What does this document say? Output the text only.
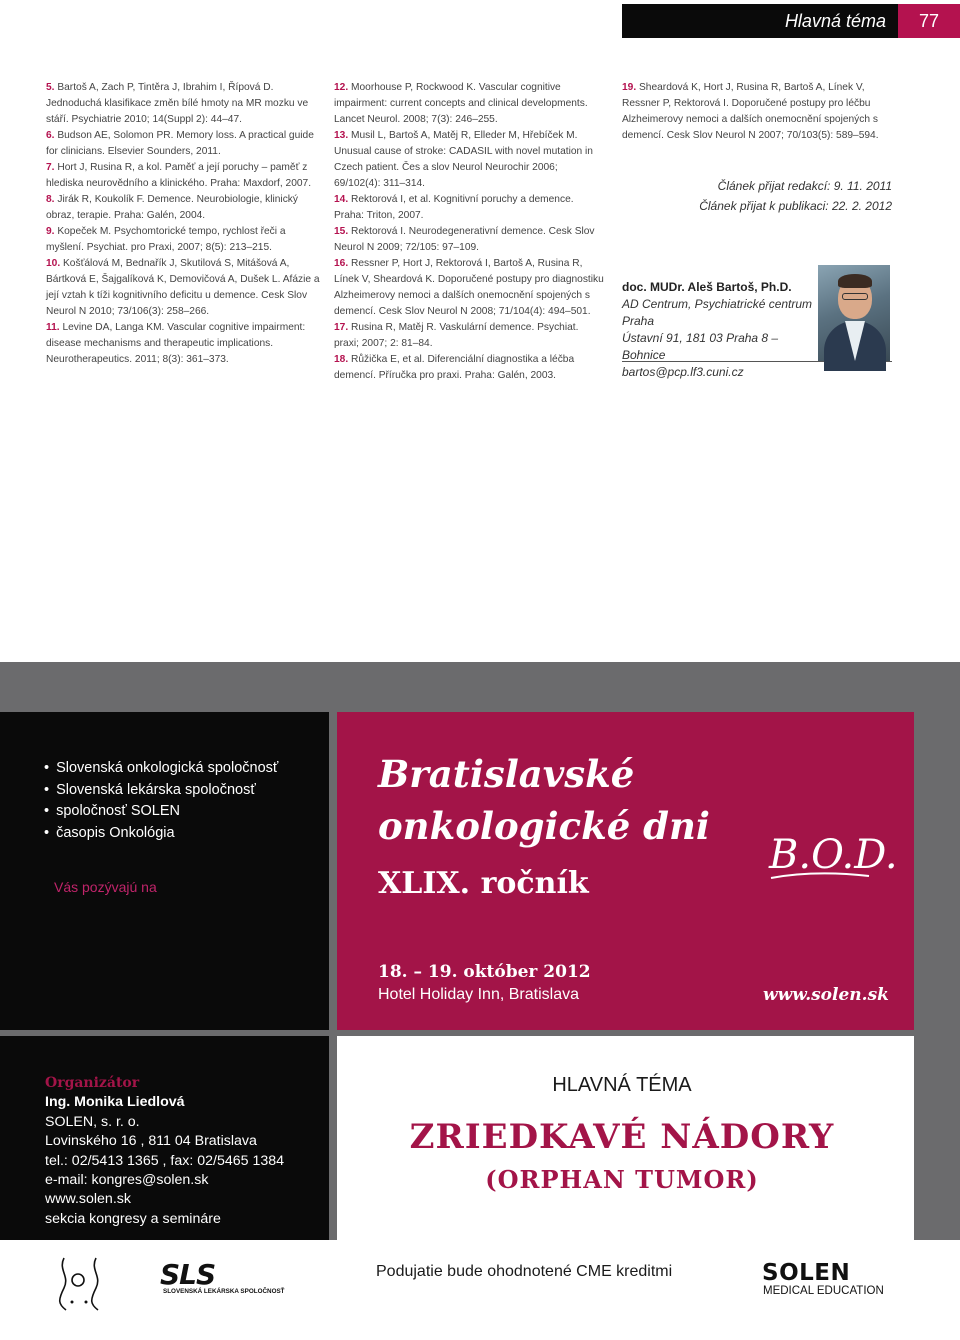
Hlavná téma	77

5. Bartoš A, Zach P, Tintěra J, Ibrahim I, Řípová D. Jednoduchá klasifikace změn bílé hmoty na MR mozku ve stáří. Psychiatrie 2010; 14(Suppl 2): 44–47.

6. Budson AE, Solomon PR. Memory loss. A practical guide for clinicians. Elsevier Sounders, 2011.

7. Hort J, Rusina R, a kol. Paměť a její poruchy – paměť z hlediska neurovědního a klinického. Praha: Maxdorf, 2007.

8. Jirák R, Koukolík F. Demence. Neurobiologie, klinický obraz, terapie. Praha: Galén, 2004.

9. Kopeček M. Psychomtorické tempo, rychlost řeči a myšlení. Psychiat. pro Praxi, 2007; 8(5): 213–215.

10. Košťálová M, Bednařík J, Skutilová S, Mitášová A, Bártková E, Šajgalíková K, Demovičová A, Dušek L. Afázie a její vztah k tíži kognitivního deficitu u demence. Cesk Slov Neurol N 2010; 73/106(3): 258–266.

11. Levine DA, Langa KM. Vascular cognitive impairment: disease mechanisms and therapeutic implications. Neurotherapeutics. 2011; 8(3): 361–373.

12. Moorhouse P, Rockwood K. Vascular cognitive impairment: current concepts and clinical developments. Lancet Neurol. 2008; 7(3): 246–255.

13. Musil L, Bartoš A, Matěj R, Elleder M, Hřebíček M. Unusual cause of stroke: CADASIL with novel mutation in Czech patient. Čes a slov Neurol Neurochir 2006; 69/102(4): 311–314.

14. Rektorová I, et al. Kognitivní poruchy a demence. Praha: Triton, 2007.

15. Rektorová I. Neurodegenerativní demence. Cesk Slov Neurol N 2009; 72/105: 97–109.

16. Ressner P, Hort J, Rektorová I, Bartoš A, Rusina R, Línek V, Sheardová K. Doporučené postupy pro diagnostiku Alzheimerovy nemoci a dalších onemocnění spojených s demencí. Cesk Slov Neurol N 2008; 71/104(4): 494–501.

17. Rusina R, Matěj R. Vaskulární demence. Psychiat. praxi; 2007; 2: 81–84.

18. Růžička E, et al. Diferenciální diagnostika a léčba demencí. Příručka pro praxi. Praha: Galén, 2003.

19. Sheardová K, Hort J, Rusina R, Bartoš A, Línek V, Ressner P, Rektorová I. Doporučené postupy pro léčbu Alzheimerovy nemoci a dalších onemocnění spojených s demencí. Cesk Slov Neurol N 2007; 70/103(5): 589–594.

Článek přijat redakcí: 9. 11. 2011
Článek přijat k publikaci: 22. 2. 2012
doc. MUDr. Aleš Bartoš, Ph.D.
AD Centrum, Psychiatrické centrum
Praha
Ústavní 91, 181 03 Praha 8 – Bohnice
bartos@pcp.lf3.cuni.cz
• Slovenská onkologická spoločnosť
• Slovenská lekárska spoločnosť
• spoločnosť SOLEN
• časopis Onkológia
Vás pozývajú na
Bratislavské
onkologické dni
XLIX. ročník
B.O.D.
18. – 19. október 2012
Hotel Holiday Inn, Bratislava	www.solen.sk
Organizátor
Ing. Monika Liedlová
SOLEN, s. r. o.
Lovinského 16 , 811 04 Bratislava
tel.: 02/5413 1365 , fax: 02/5465 1384
e-mail: kongres@solen.sk
www.solen.sk
sekcia kongresy a semináre
HLAVNÁ TÉMA
ZRIEDKAVÉ NÁDORY
(ORPHAN TUMOR)
Podujatie bude ohodnotené CME kreditmi
SLS
SLOVENSKÁ LEKÁRSKA SPOLOČNOSŤ
SOLEN
MEDICAL EDUCATION
